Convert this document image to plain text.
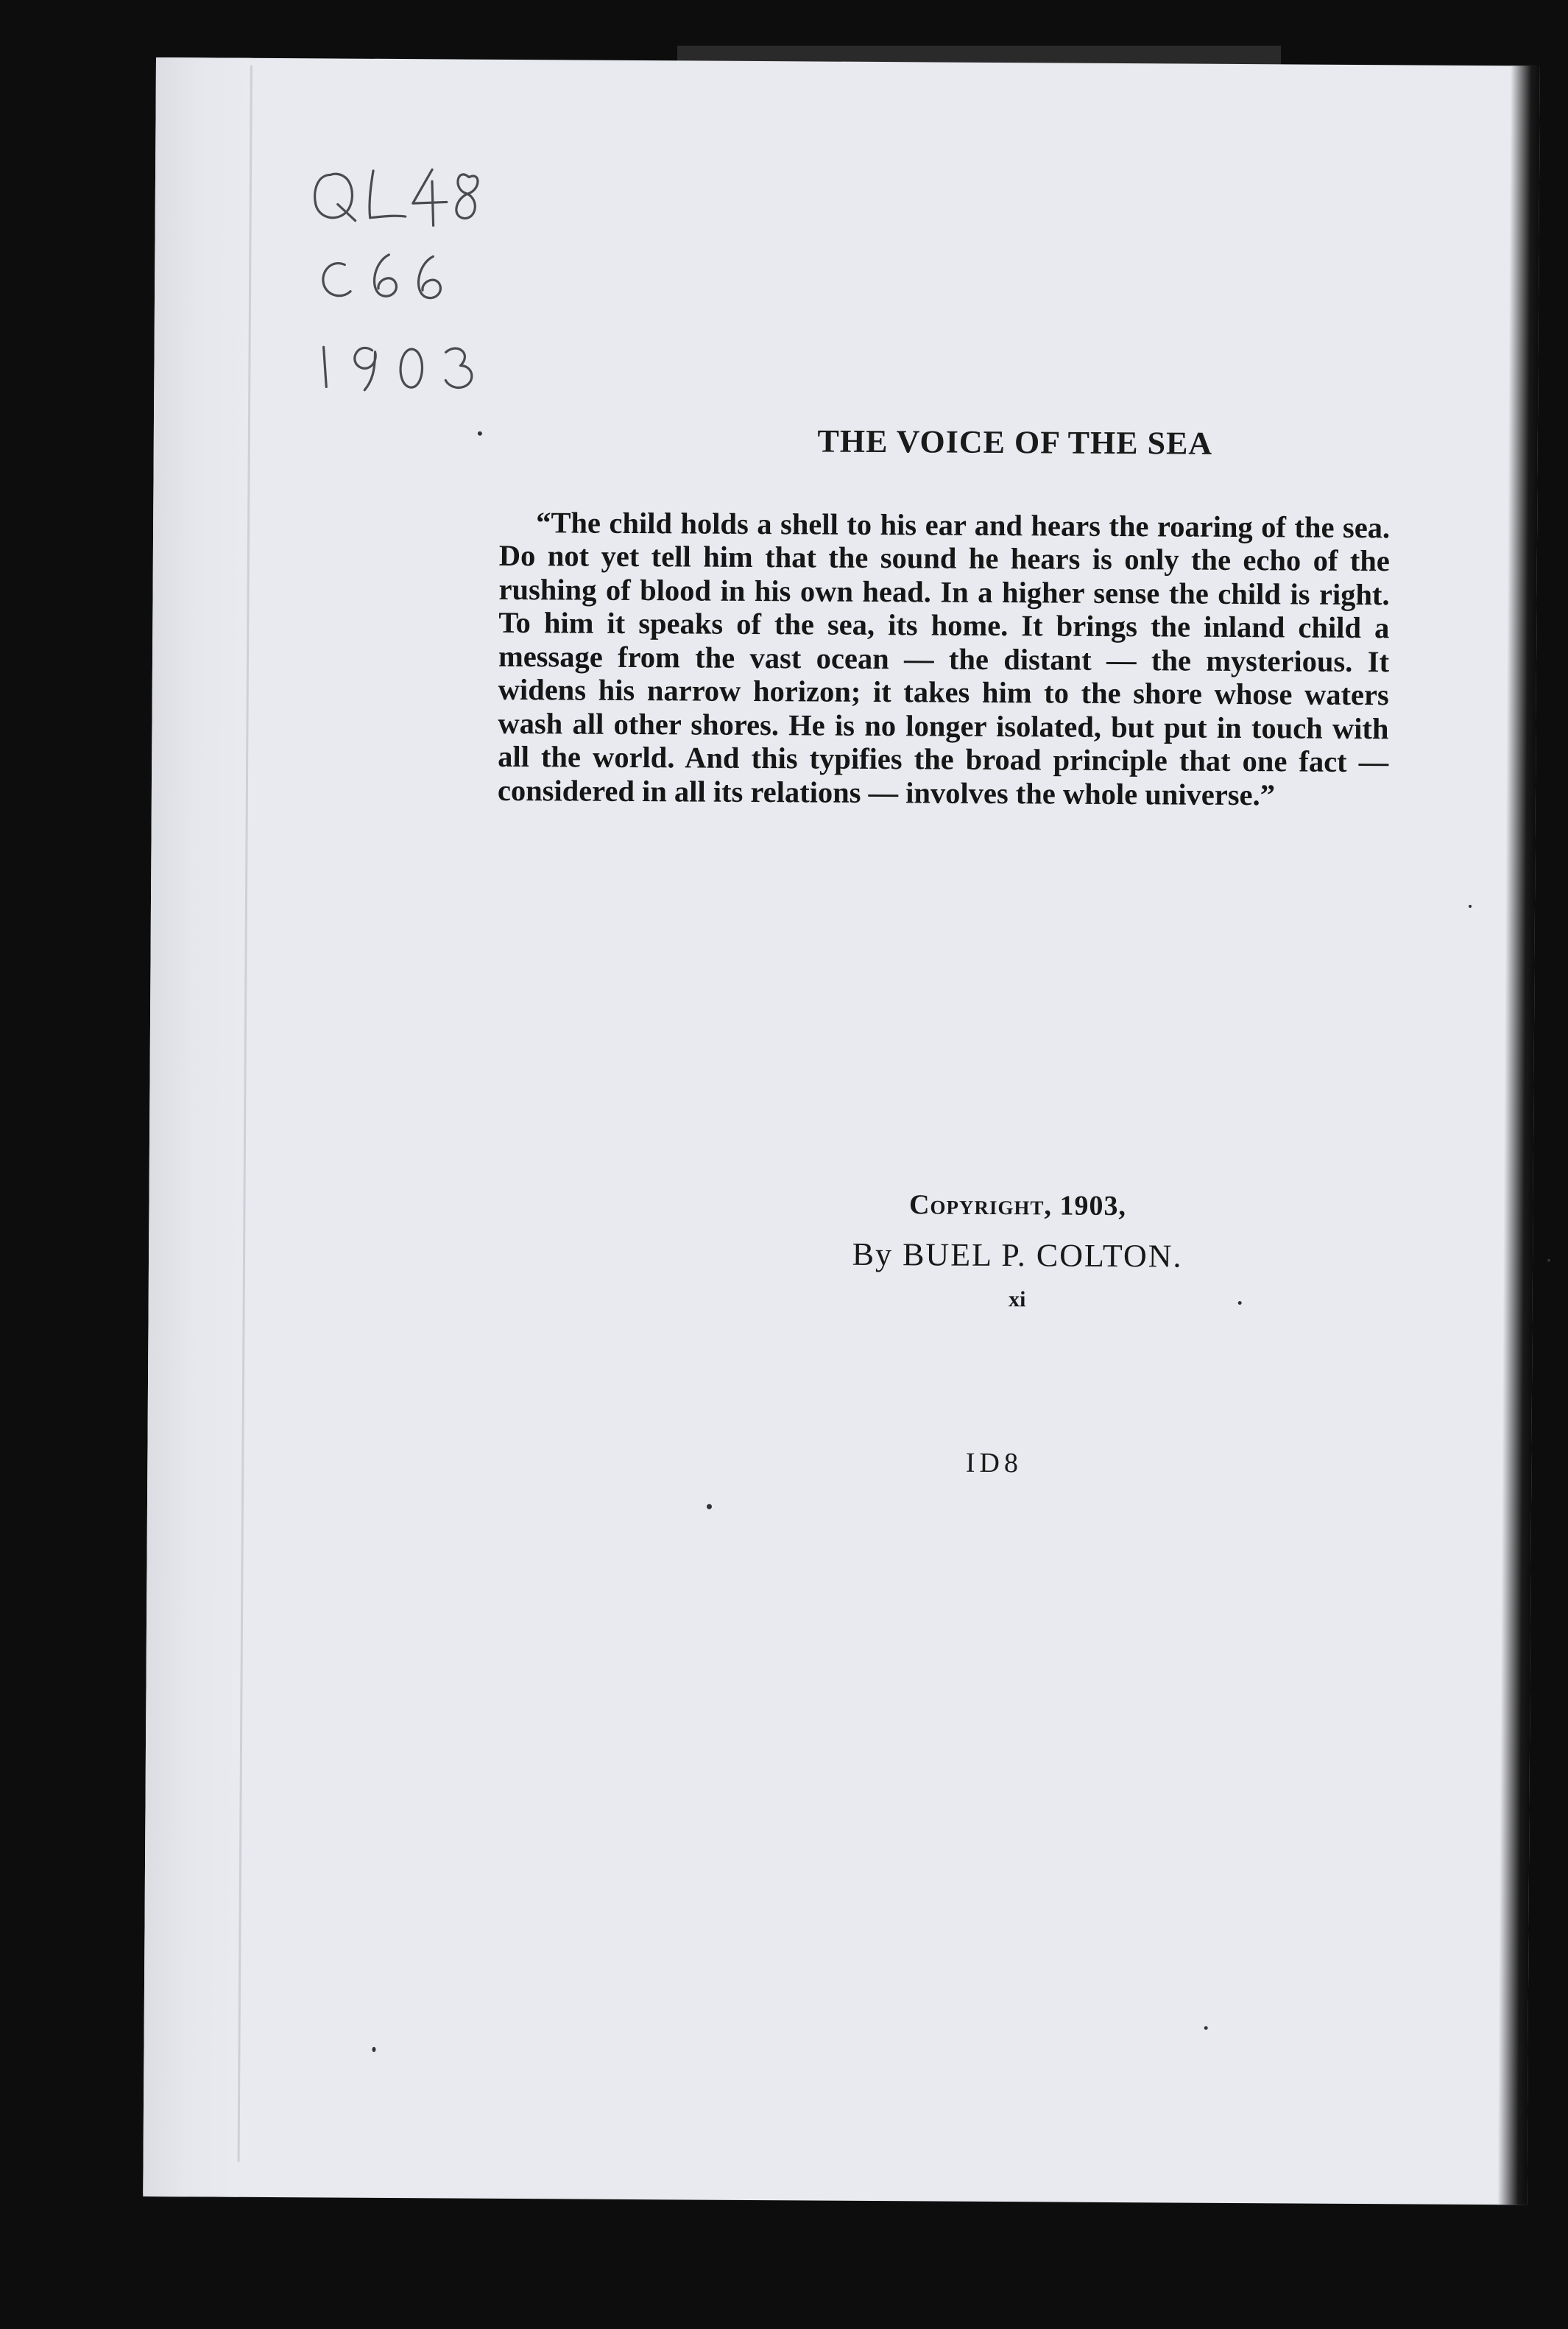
THE VOICE OF THE SEA

“The child holds a shell to his ear and hears the roaring of the sea. Do not yet tell him that the sound he hears is only the echo of the rushing of blood in his own head. In a higher sense the child is right. To him it speaks of the sea, its home. It brings the inland child a message from the vast ocean — the distant — the mysterious. It widens his narrow horizon; it takes him to the shore whose waters wash all other shores. He is no longer isolated, but put in touch with all the world. And this typifies the broad principle that one fact — considered in all its relations — involves the whole universe.”

Copyright, 1903,
By BUEL P. COLTON.
xi
ID8
